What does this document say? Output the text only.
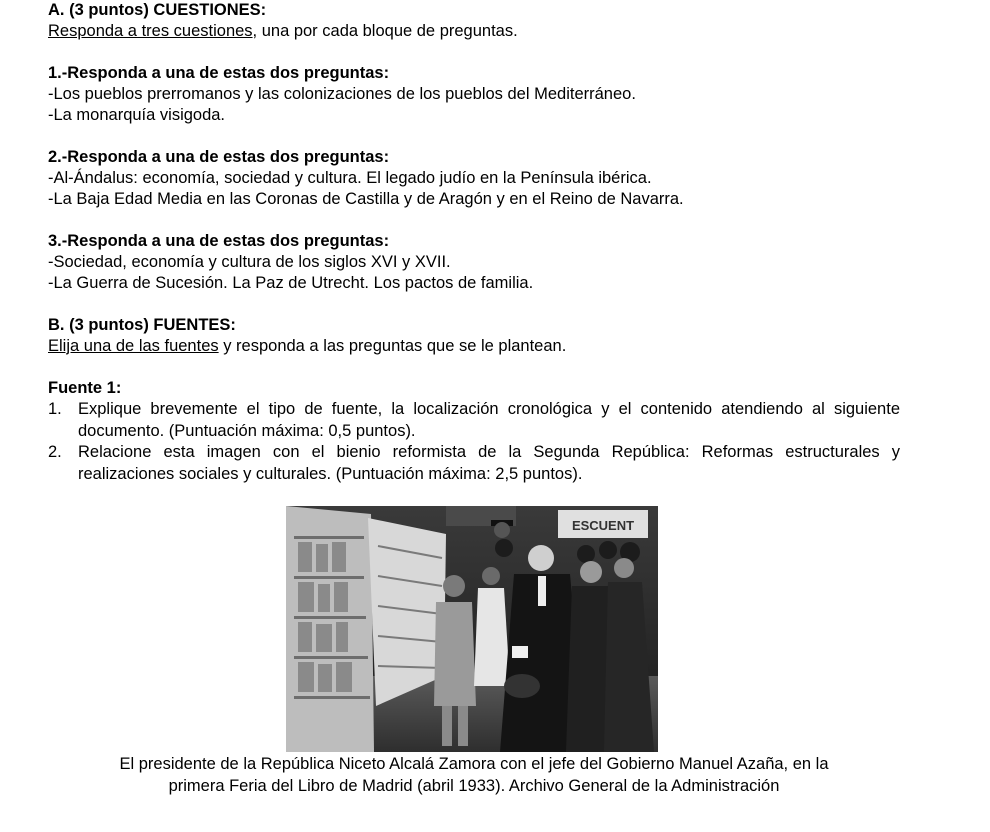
A. (3 puntos) CUESTIONES:

Responda a tres cuestiones, una por cada bloque de preguntas.

1.-Responda a una de estas dos preguntas:

-Los pueblos prerromanos y las colonizaciones de los pueblos del Mediterráneo.

-La monarquía visigoda.

2.-Responda a una de estas dos preguntas:

-Al-Ándalus: economía, sociedad y cultura. El legado judío en la Península ibérica.

-La Baja Edad Media en las Coronas de Castilla y de Aragón y en el Reino de Navarra.

3.-Responda a una de estas dos preguntas:

-Sociedad, economía y cultura de los siglos XVI y XVII.

-La Guerra de Sucesión. La Paz de Utrecht. Los pactos de familia.

B. (3 puntos) FUENTES:

Elija una de las fuentes y responda a las preguntas que se le plantean.

Fuente 1:

1. Explique brevemente el tipo de fuente, la localización cronológica y el contenido atendiendo al siguiente documento. (Puntuación máxima: 0,5 puntos).
2. Relacione esta imagen con el bienio reformista de la Segunda República: Reformas estructurales y realizaciones sociales y culturales. (Puntuación máxima: 2,5 puntos).
ESCUENT
El presidente de la República Niceto Alcalá Zamora con el jefe del Gobierno Manuel Azaña, en la
primera Feria del Libro de Madrid (abril 1933). Archivo General de la Administración
